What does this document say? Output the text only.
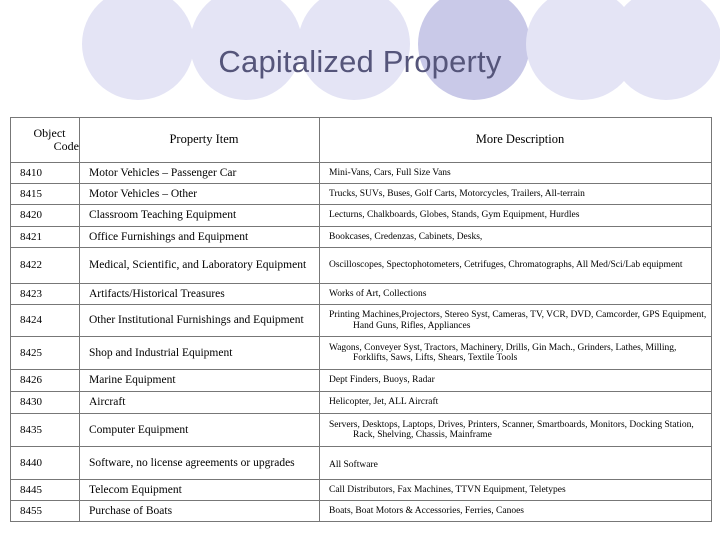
Capitalized Property
Object
Code	Property Item	More Description
8410	Motor Vehicles – Passenger Car	Mini-Vans, Cars, Full Size Vans
8415	Motor Vehicles – Other	Trucks, SUVs, Buses, Golf Carts, Motorcycles, Trailers, All-terrain
8420	Classroom Teaching Equipment	Lecturns, Chalkboards, Globes, Stands, Gym Equipment, Hurdles
8421	Office Furnishings and Equipment	Bookcases, Credenzas, Cabinets, Desks,
8422	Medical, Scientific, and Laboratory Equipment	Oscilloscopes, Spectophotometers, Cetrifuges, Chromatographs, All Med/Sci/Lab equipment
8423	Artifacts/Historical Treasures	Works of Art, Collections
8424	Other Institutional Furnishings and Equipment	Printing Machines,Projectors, Stereo Syst, Cameras, TV, VCR, DVD, Camcorder, GPS Equipment, Hand Guns, Rifles, Appliances

8425	Shop and Industrial Equipment	Wagons, Conveyer Syst, Tractors, Machinery, Drills, Gin Mach., Grinders, Lathes, Milling, Forklifts, Saws, Lifts, Shears, Textile Tools

8426	Marine Equipment	Dept Finders, Buoys, Radar
8430	Aircraft	Helicopter, Jet, ALL Aircraft
8435	Computer Equipment	Servers, Desktops, Laptops, Drives, Printers, Scanner, Smartboards, Monitors, Docking Station, Rack, Shelving, Chassis, Mainframe

8440	Software, no license agreements or upgrades	All Software
8445	Telecom Equipment	Call Distributors, Fax Machines, TTVN Equipment, Teletypes
8455	Purchase of Boats	Boats, Boat Motors & Accessories, Ferries, Canoes
